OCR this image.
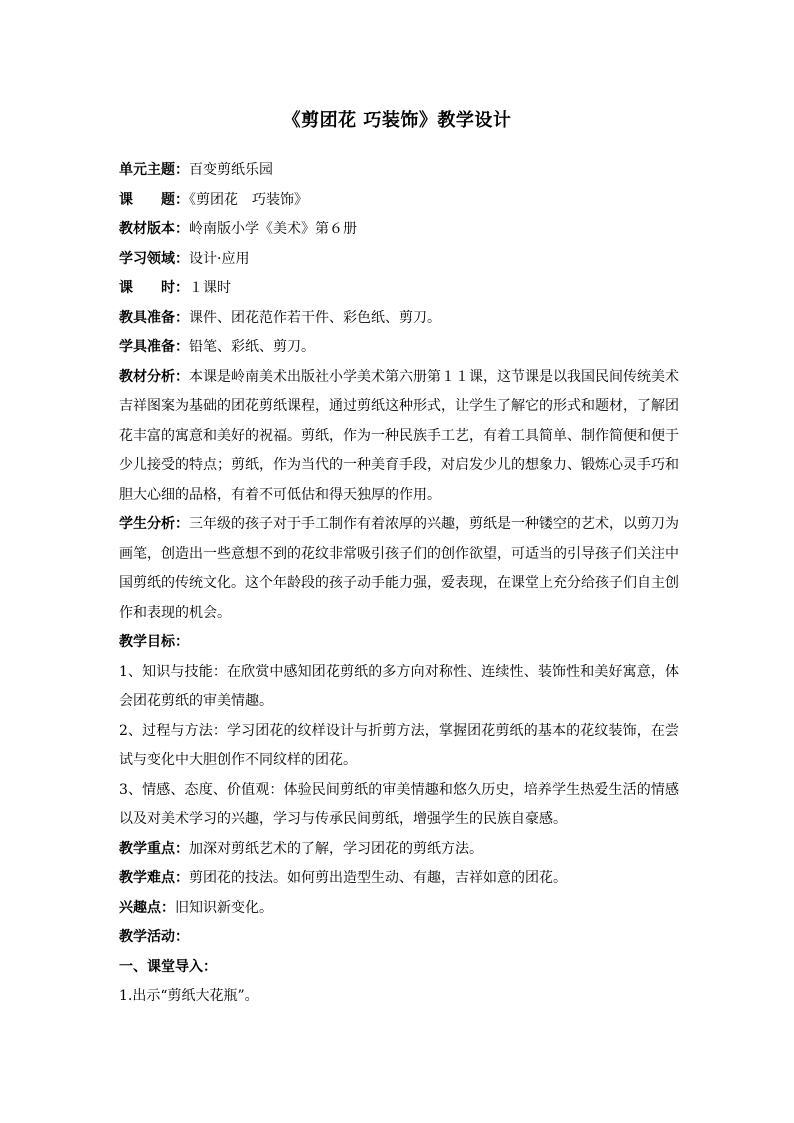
《剪团花 巧装饰》教学设计

单元主题：百变剪纸乐园

课　　题：《剪团花　巧装饰》

教材版本：岭南版小学《美术》第６册

学习领域：设计·应用

课　　时：１课时

教具准备：课件、团花范作若干件、彩色纸、剪刀。

学具准备：铅笔、彩纸、剪刀。

教材分析：本课是岭南美术出版社小学美术第六册第１１课，这节课是以我国民间传统美术吉祥图案为基础的团花剪纸课程，通过剪纸这种形式，让学生了解它的形式和题材，了解团花丰富的寓意和美好的祝福。剪纸，作为一种民族手工艺，有着工具简单、制作简便和便于少儿接受的特点；剪纸，作为当代的一种美育手段，对启发少儿的想象力、锻炼心灵手巧和胆大心细的品格，有着不可低估和得天独厚的作用。

学生分析：三年级的孩子对于手工制作有着浓厚的兴趣，剪纸是一种镂空的艺术，以剪刀为画笔，创造出一些意想不到的花纹非常吸引孩子们的创作欲望，可适当的引导孩子们关注中国剪纸的传统文化。这个年龄段的孩子动手能力强，爱表现，在课堂上充分给孩子们自主创作和表现的机会。

教学目标：

1、知识与技能：在欣赏中感知团花剪纸的多方向对称性、连续性、装饰性和美好寓意，体会团花剪纸的审美情趣。

2、过程与方法：学习团花的纹样设计与折剪方法，掌握团花剪纸的基本的花纹装饰，在尝试与变化中大胆创作不同纹样的团花。

3、情感、态度、价值观：体验民间剪纸的审美情趣和悠久历史，培养学生热爱生活的情感以及对美术学习的兴趣，学习与传承民间剪纸，增强学生的民族自豪感。

教学重点：加深对剪纸艺术的了解，学习团花的剪纸方法。

教学难点：剪团花的技法。如何剪出造型生动、有趣，吉祥如意的团花。

兴趣点：旧知识新变化。

教学活动：

一、课堂导入：

1.出示“剪纸大花瓶”。
